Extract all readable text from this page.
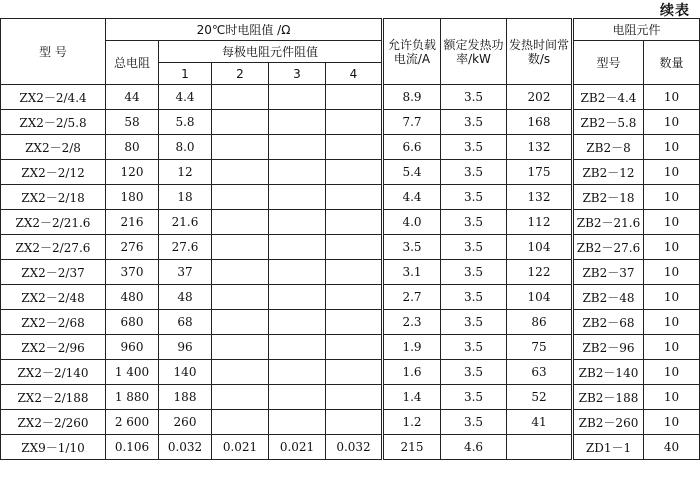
续表
型 号	20℃时电阻值 /Ω					允许负载电流/A	额定发热功率/kW	发热时间常数/s	电阻元件	
	总电阻	每极电阻元件阻值							型号	数量
		1	2	3	4					
ZX2－2/4.4	44	4.4				8.9	3.5	202	ZB2－4.4	10
ZX2－2/5.8	58	5.8				7.7	3.5	168	ZB2－5.8	10
ZX2－2/8	80	8.0				6.6	3.5	132	ZB2－8	10
ZX2－2/12	120	12				5.4	3.5	175	ZB2－12	10
ZX2－2/18	180	18				4.4	3.5	132	ZB2－18	10
ZX2－2/21.6	216	21.6				4.0	3.5	112	ZB2－21.6	10
ZX2－2/27.6	276	27.6				3.5	3.5	104	ZB2－27.6	10
ZX2－2/37	370	37				3.1	3.5	122	ZB2－37	10
ZX2－2/48	480	48				2.7	3.5	104	ZB2－48	10
ZX2－2/68	680	68				2.3	3.5	86	ZB2－68	10
ZX2－2/96	960	96				1.9	3.5	75	ZB2－96	10
ZX2－2/140	1 400	140				1.6	3.5	63	ZB2－140	10
ZX2－2/188	1 880	188				1.4	3.5	52	ZB2－188	10
ZX2－2/260	2 600	260				1.2	3.5	41	ZB2－260	10
ZX9－1/10	0.106	0.032	0.021	0.021	0.032	215	4.6		ZD1－1	40
